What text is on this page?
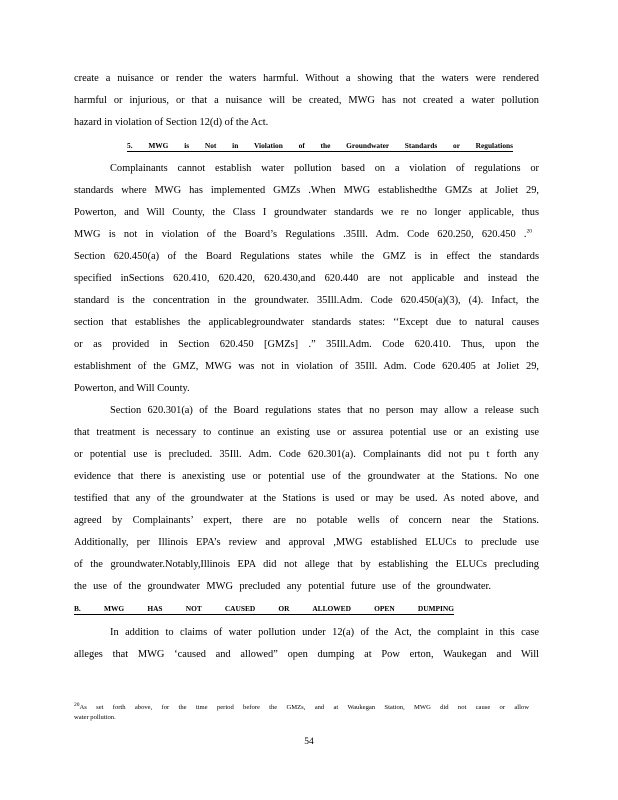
create a nuisance or render the waters harmful. Without a showing that the waters were rendered
harmful or injurious, or that a nuisance will be created, MWG has not created a water pollution
hazard in violation of Section 12(d) of the Act.
5. MWG is Not in Violation of the Groundwater Standards or Regulations
Complainants cannot establish water pollution based on a violation of regulations or
standards where MWG has implemented GMZs .When MWG establishedthe GMZs at Joliet 29,
Powerton, and Will County, the Class I groundwater standards we re no longer applicable, thus
MWG is not in violation of the Board’s Regulations .35Ill. Adm. Code 620.250, 620.450 .$^{20}$
Section 620.450(a) of the Board Regulations states while the GMZ is in effect the standards
specified inSections 620.410, 620.420, 620.430,and 620.440 are not applicable and instead the
standard is the concentration in the groundwater. 35Ill.Adm. Code 620.450(a)(3), (4). Infact, the
section that establishes the applicablegroundwater standards states: ‘‘Except due to natural causes
or as provided in Section 620.450 [GMZs] .” 35Ill.Adm. Code 620.410. Thus, upon the
establishment of the GMZ, MWG was not in violation of 35Ill. Adm. Code 620.405 at Joliet 29,
Powerton, and Will County.
Section 620.301(a) of the Board regulations states that no person may allow a release such
that treatment is necessary to continue an existing use or assurea potential use or an existing use
or potential use is precluded. 35Ill. Adm. Code 620.301(a). Complainants did not pu t forth any
evidence that there is anexisting use or potential use of the groundwater at the Stations. No one
testified that any of the groundwater at the Stations is used or may be used. As noted above, and
agreed by Complainants’ expert, there are no potable wells of concern near the Stations.
Additionally, per Illinois EPA’s review and approval ,MWG established ELUCs to preclude use
of the groundwater.Notably,Illinois EPA did not allege that by establishing the ELUCs precluding
the use of the groundwater MWG precluded any potential future use of the groundwater.
B. MWG HAS NOT CAUSED OR ALLOWED OPEN DUMPING
In addition to claims of water pollution under 12(a) of the Act, the complaint in this case
alleges that MWG ‘caused and allowed” open dumping at Pow erton, Waukegan and Will
$^{20}$As set forth above, for the time period before the GMZs, and at Waukegan Station, MWG did not cause or allow
water pollution.
54
